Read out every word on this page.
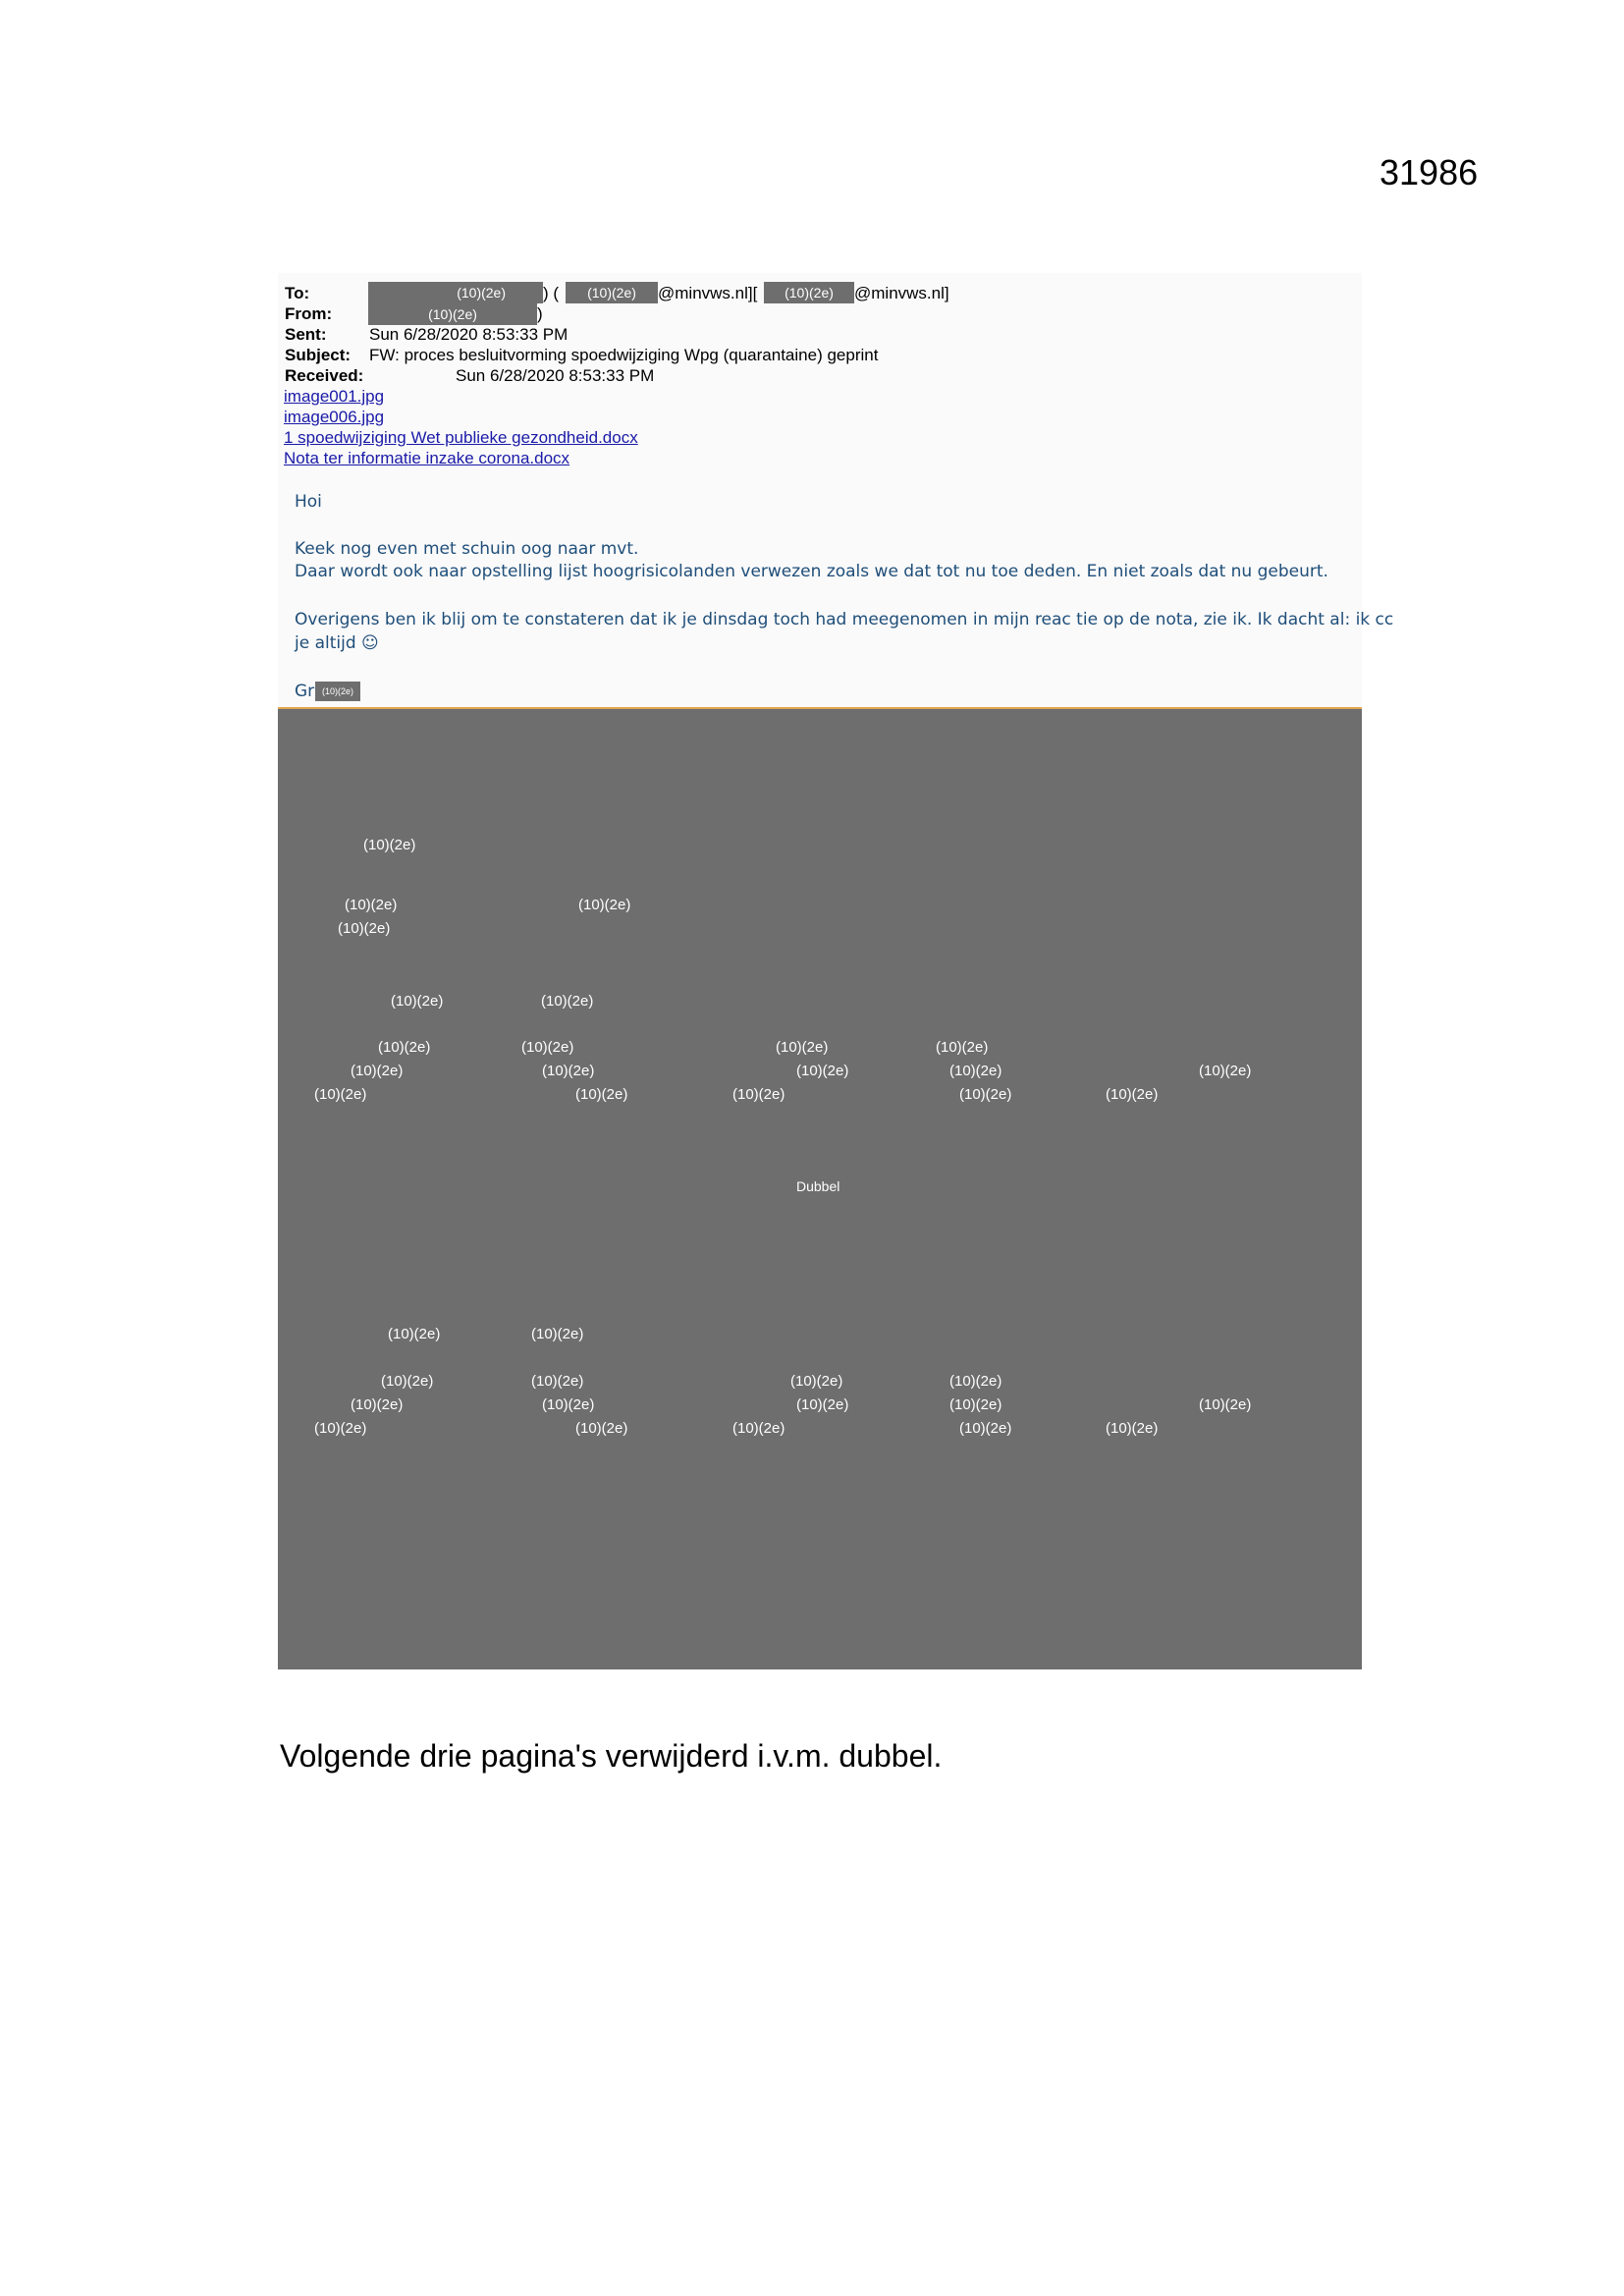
31986
To:	(10)(2e)	) (	(10)(2e)	@minvws.nl][	(10)(2e)	@minvws.nl]
From:	(10)(2e)	)
Sent:	Sun 6/28/2020 8:53:33 PM
Subject: FW: proces besluitvorming spoedwijziging Wpg (quarantaine) geprint
Received:	Sun 6/28/2020 8:53:33 PM
image001.jpg
image006.jpg
1 spoedwijziging Wet publieke gezondheid.docx
Nota ter informatie inzake corona.docx
Hoi
Keek nog even met schuin oog naar mvt.
Daar wordt ook naar opstelling lijst hoogrisicolanden verwezen zoals we dat tot nu toe deden. En niet zoals dat nu gebeurt.
Overigens ben ik blij om te constateren dat ik je dinsdag toch had meegenomen in mijn reac tie op de nota, zie ik. Ik dacht al: ik cc
je altijd ☺
Gr (10)(2e)
(10)(2e)
(10)(2e)	(10)(2e)
(10)(2e)
(10)(2e)	(10)(2e)
(10)(2e)	(10)(2e)	(10)(2e)	(10)(2e)
(10)(2e)	(10)(2e)	(10)(2e)	(10)(2e)	(10)(2e)
(10)(2e)	(10)(2e)	(10)(2e)	(10)(2e)	(10)(2e)
Dubbel
(10)(2e)	(10)(2e)
(10)(2e)	(10)(2e)	(10)(2e)	(10)(2e)
(10)(2e)	(10)(2e)	(10)(2e)	(10)(2e)	(10)(2e)
(10)(2e)	(10)(2e)	(10)(2e)	(10)(2e)	(10)(2e)
Volgende drie pagina's verwijderd i.v.m. dubbel.
